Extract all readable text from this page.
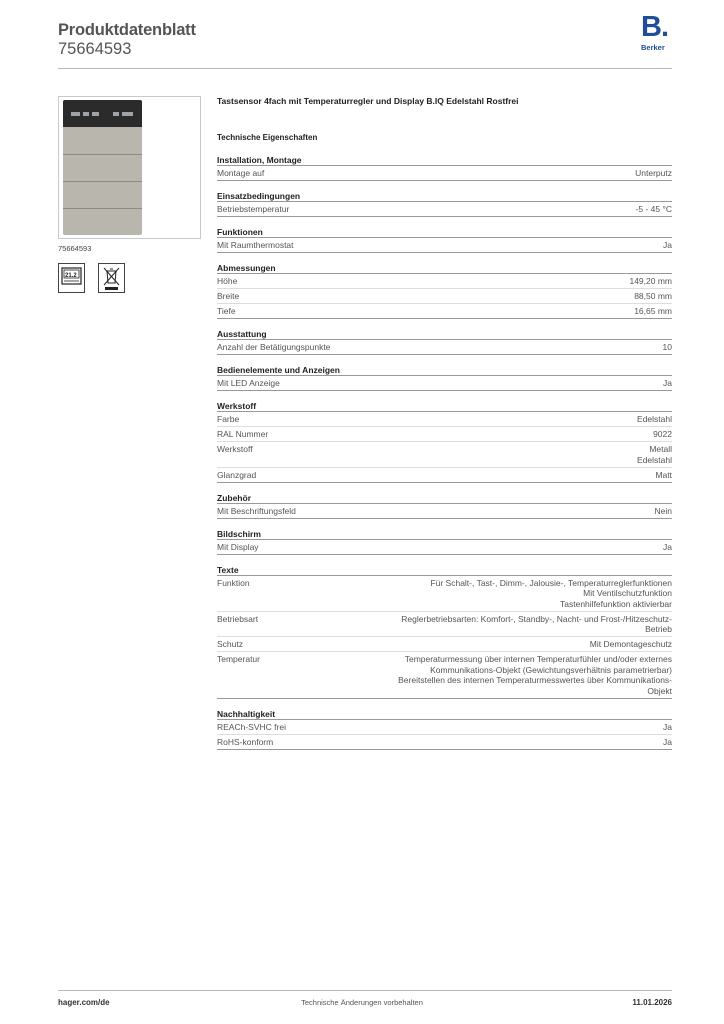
Produktdatenblatt
75664593
B.
Berker
75664593
21.2
Tastsensor 4fach mit Temperaturregler und Display B.IQ Edelstahl Rostfrei
Technische Eigenschaften
Installation, Montage
Montage auf	Unterputz
Einsatzbedingungen
Betriebstemperatur	-5 - 45 °C
Funktionen
Mit Raumthermostat	Ja
Abmessungen
Höhe	149,20 mm
Breite	88,50 mm
Tiefe	16,65 mm
Ausstattung
Anzahl der Betätigungspunkte	10
Bedienelemente und Anzeigen
Mit LED Anzeige	Ja
Werkstoff
Farbe	Edelstahl
RAL Nummer	9022
Werkstoff	Metall
Edelstahl
Glanzgrad	Matt
Zubehör
Mit Beschriftungsfeld	Nein
Bildschirm
Mit Display	Ja
Texte
Funktion	Für Schalt-, Tast-, Dimm-, Jalousie-, Temperaturreglerfunktionen
Mit Ventilschutzfunktion
Tastenhilfefunktion aktivierbar
Betriebsart	Reglerbetriebsarten: Komfort-, Standby-, Nacht- und Frost-/Hitzeschutz-
Betrieb
Schutz	Mit Demontageschutz
Temperatur	Temperaturmessung über internen Temperaturfühler und/oder externes
Kommunikations-Objekt (Gewichtungsverhältnis parametrierbar)
Bereitstellen des internen Temperaturmesswertes über Kommunikations-
Objekt
Nachhaltigkeit
REACh-SVHC frei	Ja
RoHS-konform	Ja
hager.com/de	Technische Änderungen vorbehalten	11.01.2026
